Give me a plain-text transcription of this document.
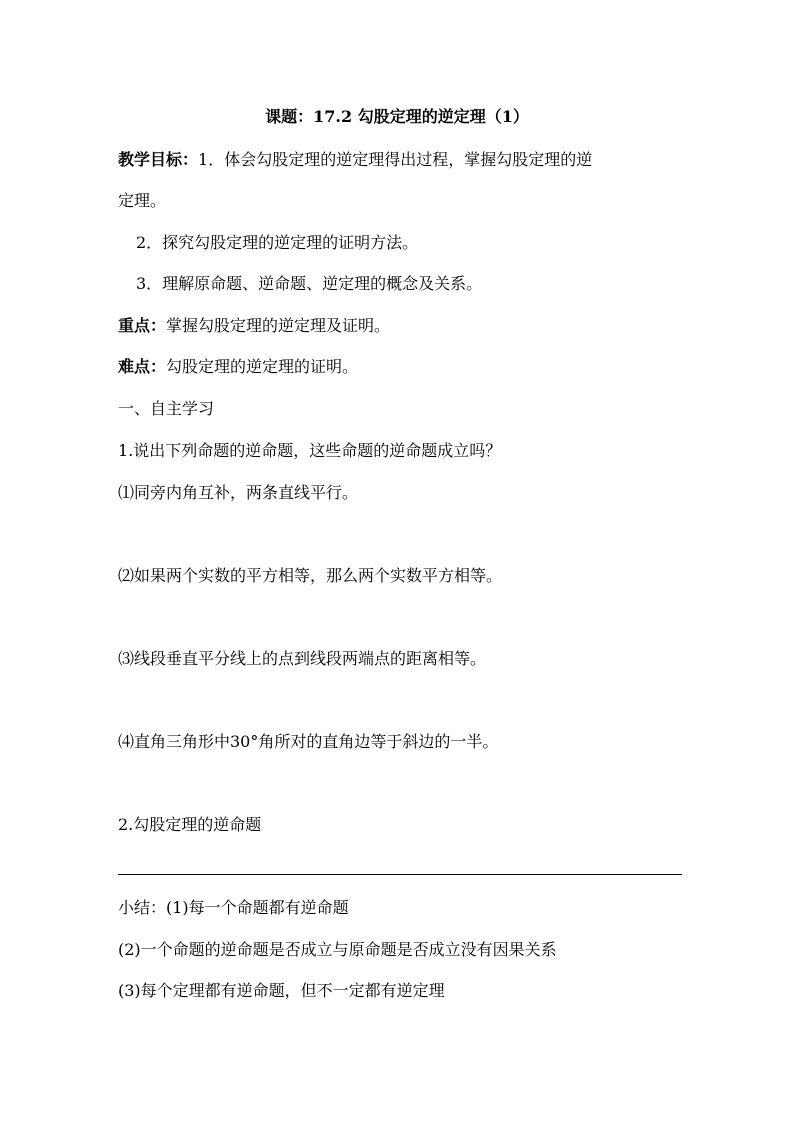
课题：17.2 勾股定理的逆定理（1）
教学目标：1．体会勾股定理的逆定理得出过程，掌握勾股定理的逆
定理。
2．探究勾股定理的逆定理的证明方法。
3．理解原命题、逆命题、逆定理的概念及关系。
重点：掌握勾股定理的逆定理及证明。
难点：勾股定理的逆定理的证明。
一、自主学习
1.说出下列命题的逆命题，这些命题的逆命题成立吗？
⑴同旁内角互补，两条直线平行。
⑵如果两个实数的平方相等，那么两个实数平方相等。
⑶线段垂直平分线上的点到线段两端点的距离相等。
⑷直角三角形中30°角所对的直角边等于斜边的一半。
2.勾股定理的逆命题
小结：(1)每一个命题都有逆命题
(2)一个命题的逆命题是否成立与原命题是否成立没有因果关系
(3)每个定理都有逆命题，但不一定都有逆定理
